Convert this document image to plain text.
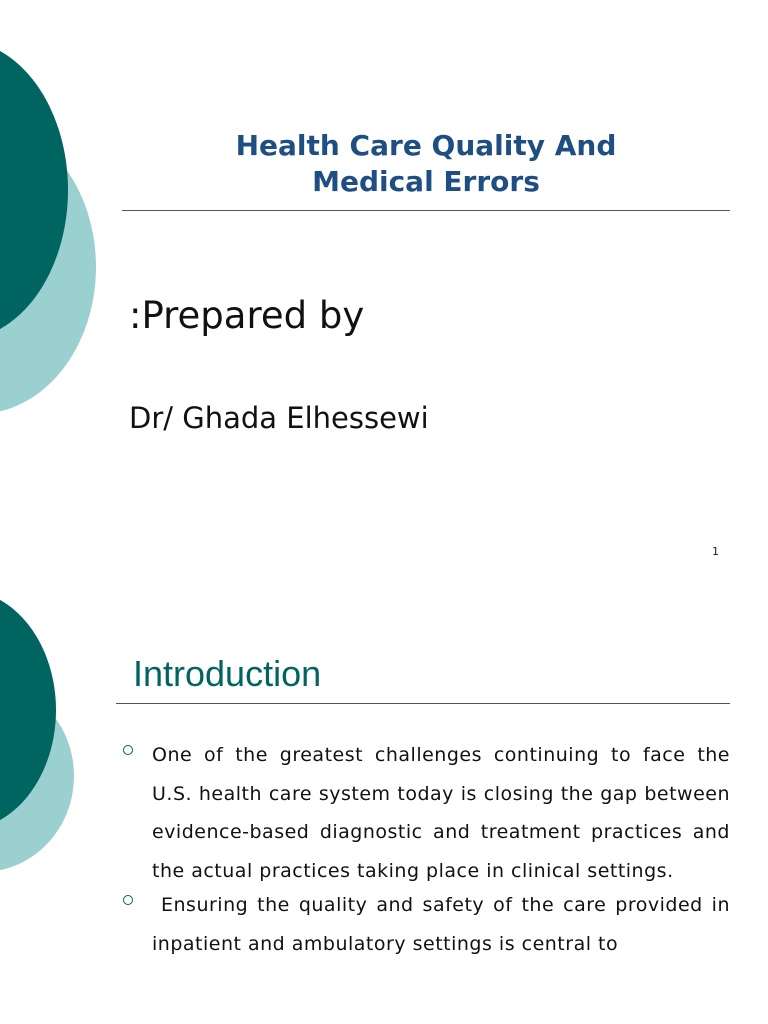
Health Care Quality And
Medical Errors

:Prepared by

Dr/ Ghada Elhessewi

1
Introduction
One of the greatest challenges continuing to face the U.S. health care system today is closing the gap between evidence-based diagnostic and treatment practices and the actual practices taking place in clinical settings.
Ensuring the quality and safety of the care provided in inpatient and ambulatory settings is central to
